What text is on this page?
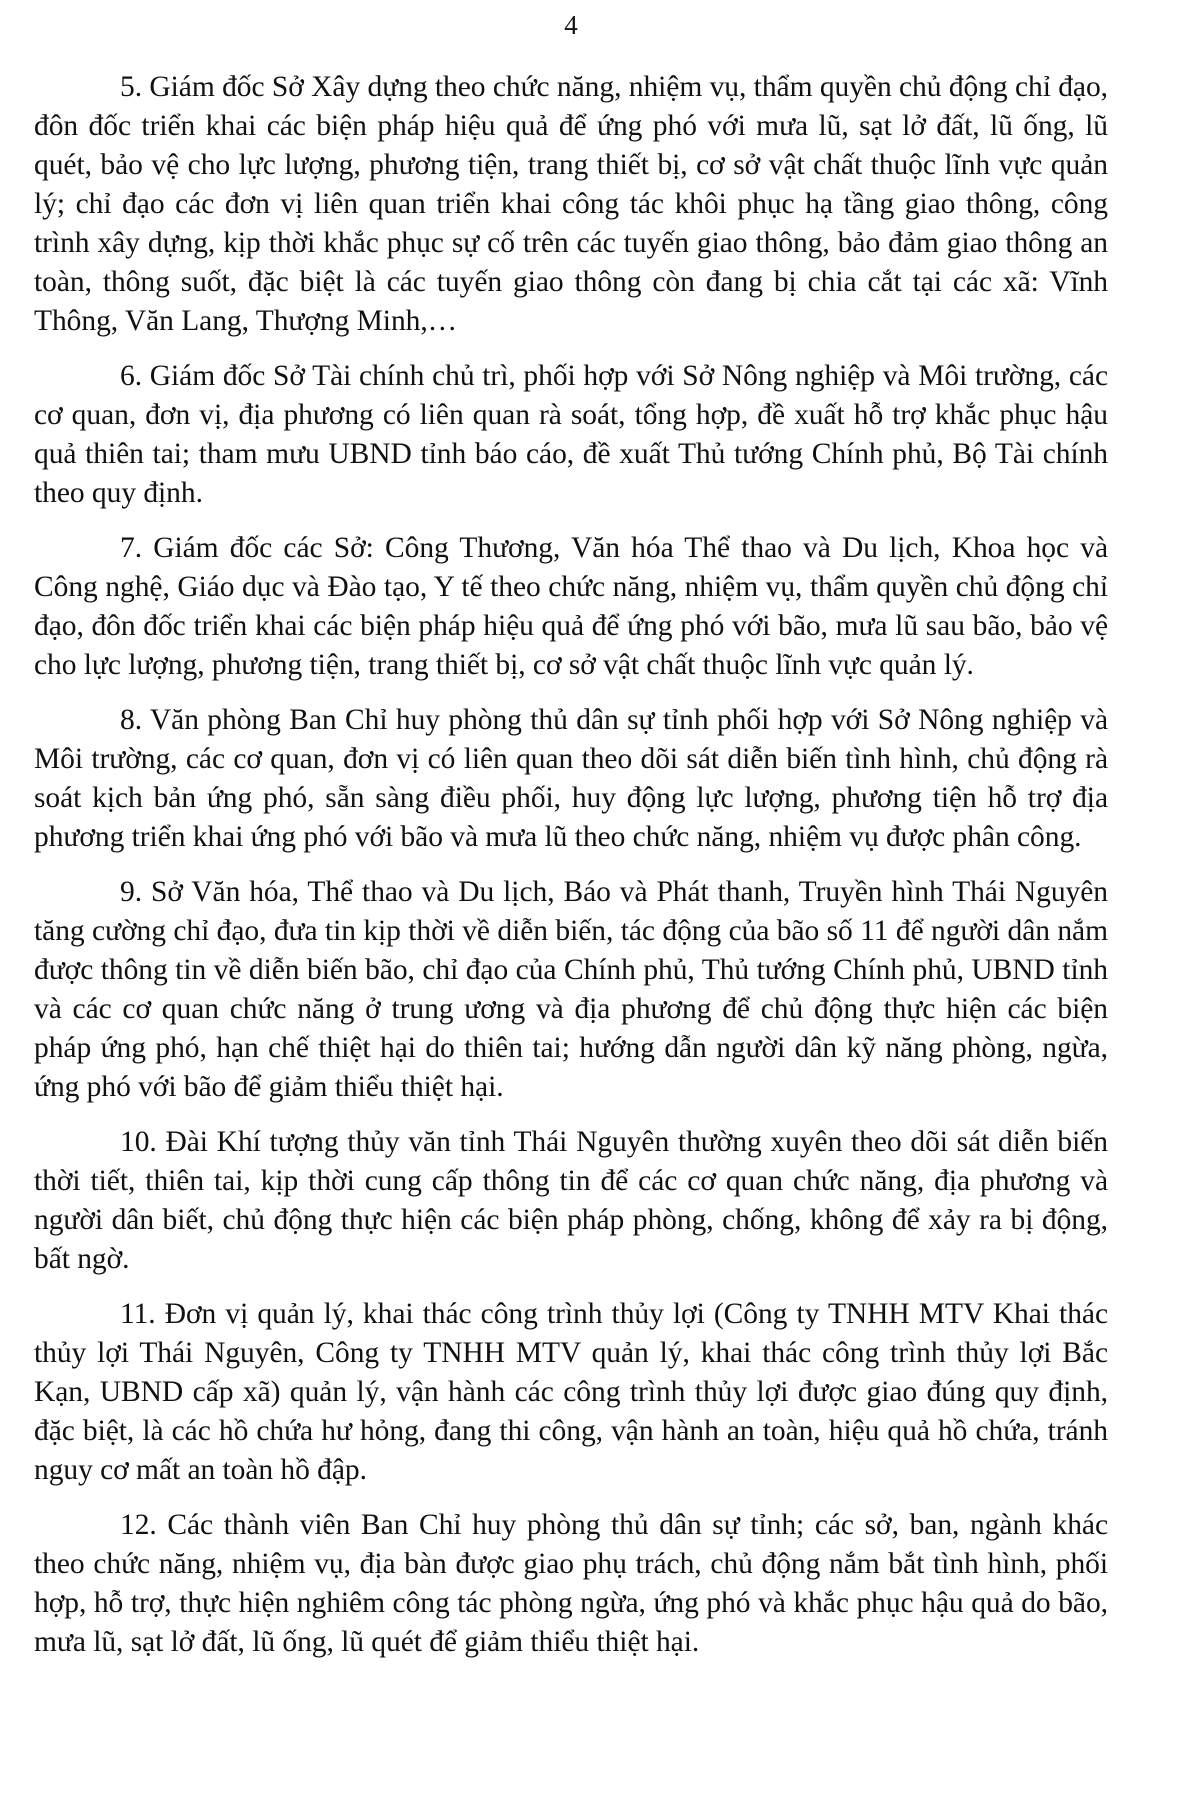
4

5. Giám đốc Sở Xây dựng theo chức năng, nhiệm vụ, thẩm quyền chủ động chỉ đạo, đôn đốc triển khai các biện pháp hiệu quả để ứng phó với mưa lũ, sạt lở đất, lũ ống, lũ quét, bảo vệ cho lực lượng, phương tiện, trang thiết bị, cơ sở vật chất thuộc lĩnh vực quản lý; chỉ đạo các đơn vị liên quan triển khai công tác khôi phục hạ tầng giao thông, công trình xây dựng, kịp thời khắc phục sự cố trên các tuyến giao thông, bảo đảm giao thông an toàn, thông suốt, đặc biệt là các tuyến giao thông còn đang bị chia cắt tại các xã: Vĩnh Thông, Văn Lang, Thượng Minh,…

6. Giám đốc Sở Tài chính chủ trì, phối hợp với Sở Nông nghiệp và Môi trường, các cơ quan, đơn vị, địa phương có liên quan rà soát, tổng hợp, đề xuất hỗ trợ khắc phục hậu quả thiên tai; tham mưu UBND tỉnh báo cáo, đề xuất Thủ tướng Chính phủ, Bộ Tài chính theo quy định.

7. Giám đốc các Sở: Công Thương, Văn hóa Thể thao và Du lịch, Khoa học và Công nghệ, Giáo dục và Đào tạo, Y tế theo chức năng, nhiệm vụ, thẩm quyền chủ động chỉ đạo, đôn đốc triển khai các biện pháp hiệu quả để ứng phó với bão, mưa lũ sau bão, bảo vệ cho lực lượng, phương tiện, trang thiết bị, cơ sở vật chất thuộc lĩnh vực quản lý.

8. Văn phòng Ban Chỉ huy phòng thủ dân sự tỉnh phối hợp với Sở Nông nghiệp và Môi trường, các cơ quan, đơn vị có liên quan theo dõi sát diễn biến tình hình, chủ động rà soát kịch bản ứng phó, sẵn sàng điều phối, huy động lực lượng, phương tiện hỗ trợ địa phương triển khai ứng phó với bão và mưa lũ theo chức năng, nhiệm vụ được phân công.

9. Sở Văn hóa, Thể thao và Du lịch, Báo và Phát thanh, Truyền hình Thái Nguyên tăng cường chỉ đạo, đưa tin kịp thời về diễn biến, tác động của bão số 11 để người dân nắm được thông tin về diễn biến bão, chỉ đạo của Chính phủ, Thủ tướng Chính phủ, UBND tỉnh và các cơ quan chức năng ở trung ương và địa phương để chủ động thực hiện các biện pháp ứng phó, hạn chế thiệt hại do thiên tai; hướng dẫn người dân kỹ năng phòng, ngừa, ứng phó với bão để giảm thiểu thiệt hại.

10. Đài Khí tượng thủy văn tỉnh Thái Nguyên thường xuyên theo dõi sát diễn biến thời tiết, thiên tai, kịp thời cung cấp thông tin để các cơ quan chức năng, địa phương và người dân biết, chủ động thực hiện các biện pháp phòng, chống, không để xảy ra bị động, bất ngờ.

11. Đơn vị quản lý, khai thác công trình thủy lợi (Công ty TNHH MTV Khai thác thủy lợi Thái Nguyên, Công ty TNHH MTV quản lý, khai thác công trình thủy lợi Bắc Kạn, UBND cấp xã) quản lý, vận hành các công trình thủy lợi được giao đúng quy định, đặc biệt, là các hồ chứa hư hỏng, đang thi công, vận hành an toàn, hiệu quả hồ chứa, tránh nguy cơ mất an toàn hồ đập.

12. Các thành viên Ban Chỉ huy phòng thủ dân sự tỉnh; các sở, ban, ngành khác theo chức năng, nhiệm vụ, địa bàn được giao phụ trách, chủ động nắm bắt tình hình, phối hợp, hỗ trợ, thực hiện nghiêm công tác phòng ngừa, ứng phó và khắc phục hậu quả do bão, mưa lũ, sạt lở đất, lũ ống, lũ quét để giảm thiểu thiệt hại.
